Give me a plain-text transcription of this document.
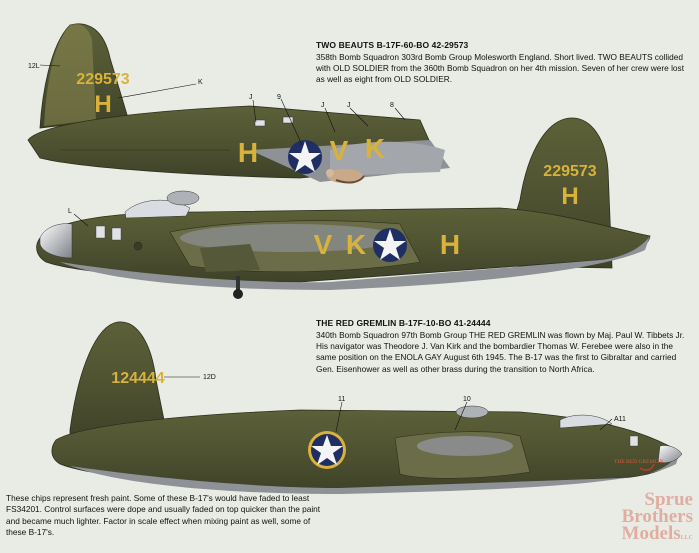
229573
H
H	V K
12L
K
J	9
J	J	8
229573
H
V K	H
L
124444
THE RED GREMLIN
12D
11	10
A11
TWO BEAUTS B-17F-60-BO 42-29573
358th Bomb Squadron 303rd Bomb Group Molesworth England. Short lived. TWO BEAUTS collided with OLD SOLDIER from the 360th Bomb Squadron on her 4th mission. Seven of her crew were lost as well as eight from OLD SOLDIER.
THE RED GREMLIN B-17F-10-BO 41-24444
340th Bomb Squadron 97th Bomb Group THE RED GREMLIN was flown by Maj. Paul W. Tibbets Jr. His navigator was Theodore J. Van Kirk and the bombardier Thomas W. Ferebee were also in the same position on the ENOLA GAY August 6th 1945. The B-17 was the first to Gibraltar and carried Gen. Eisenhower as well as other brass during the transition to North Africa.
These chips represent fresh paint. Some of these B-17's would have faded to least FS34201. Control surfaces were dope and usually faded on top quicker than the paint and became much lighter. Factor in scale effect when mixing paint as well, some of these B-17's.
Sprue
Brothers
ModelsLLC
